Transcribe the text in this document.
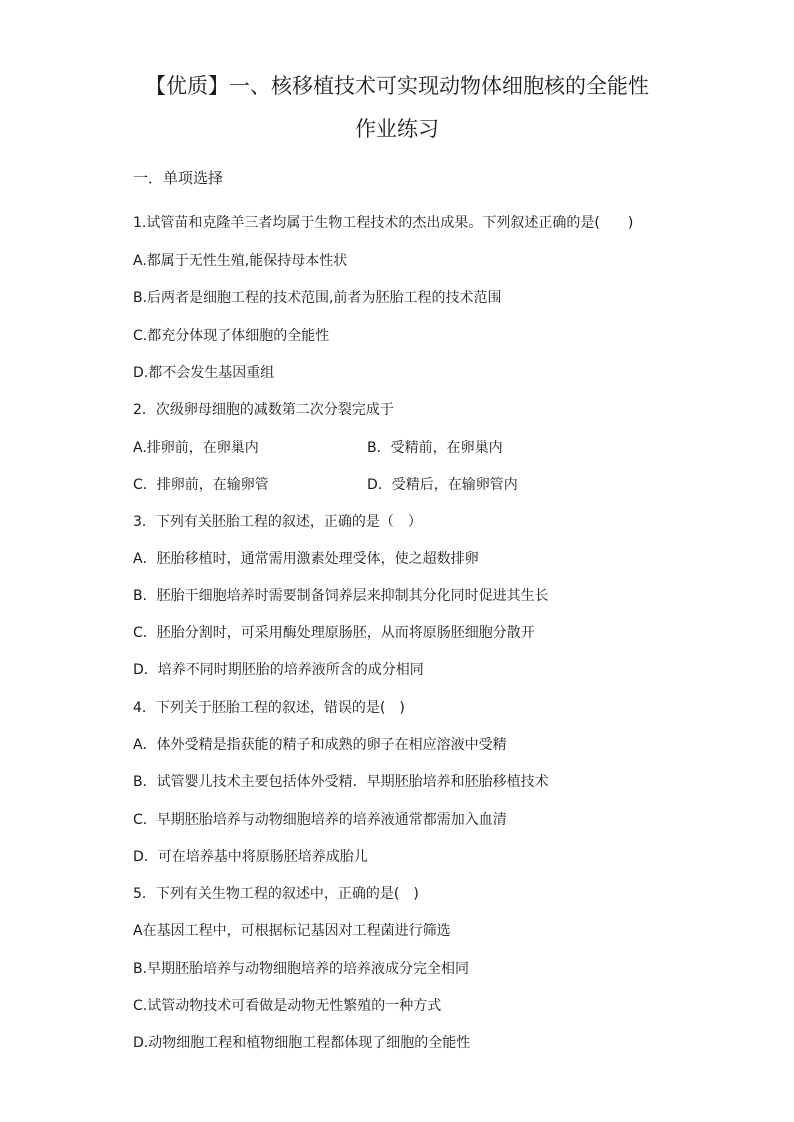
【优质】一、核移植技术可实现动物体细胞核的全能性
作业练习
一．单项选择
1.试管苗和克隆羊三者均属于生物工程技术的杰出成果。下列叙述正确的是(　　)
A.都属于无性生殖,能保持母本性状
B.后两者是细胞工程的技术范围,前者为胚胎工程的技术范围
C.都充分体现了体细胞的全能性
D.都不会发生基因重组
2．次级卵母细胞的减数第二次分裂完成于
A.排卵前，在卵巢内	B．受精前，在卵巢内
C．排卵前，在输卵管	D．受精后，在输卵管内
3．下列有关胚胎工程的叙述，正确的是（　）
A．胚胎移植时，通常需用激素处理受体，使之超数排卵
B．胚胎干细胞培养时需要制备饲养层来抑制其分化同时促进其生长
C．胚胎分割时，可采用酶处理原肠胚，从而将原肠胚细胞分散开
D．培养不同时期胚胎的培养液所含的成分相同
4．下列关于胚胎工程的叙述，错误的是(　)
A．体外受精是指获能的精子和成熟的卵子在相应溶液中受精
B．试管婴儿技术主要包括体外受精．早期胚胎培养和胚胎移植技术
C．早期胚胎培养与动物细胞培养的培养液通常都需加入血清
D．可在培养基中将原肠胚培养成胎儿
5．下列有关生物工程的叙述中，正确的是(　)
A在基因工程中，可根据标记基因对工程菌进行筛选
B.早期胚胎培养与动物细胞培养的培养液成分完全相同
C.试管动物技术可看做是动物无性繁殖的一种方式
D.动物细胞工程和植物细胞工程都体现了细胞的全能性
